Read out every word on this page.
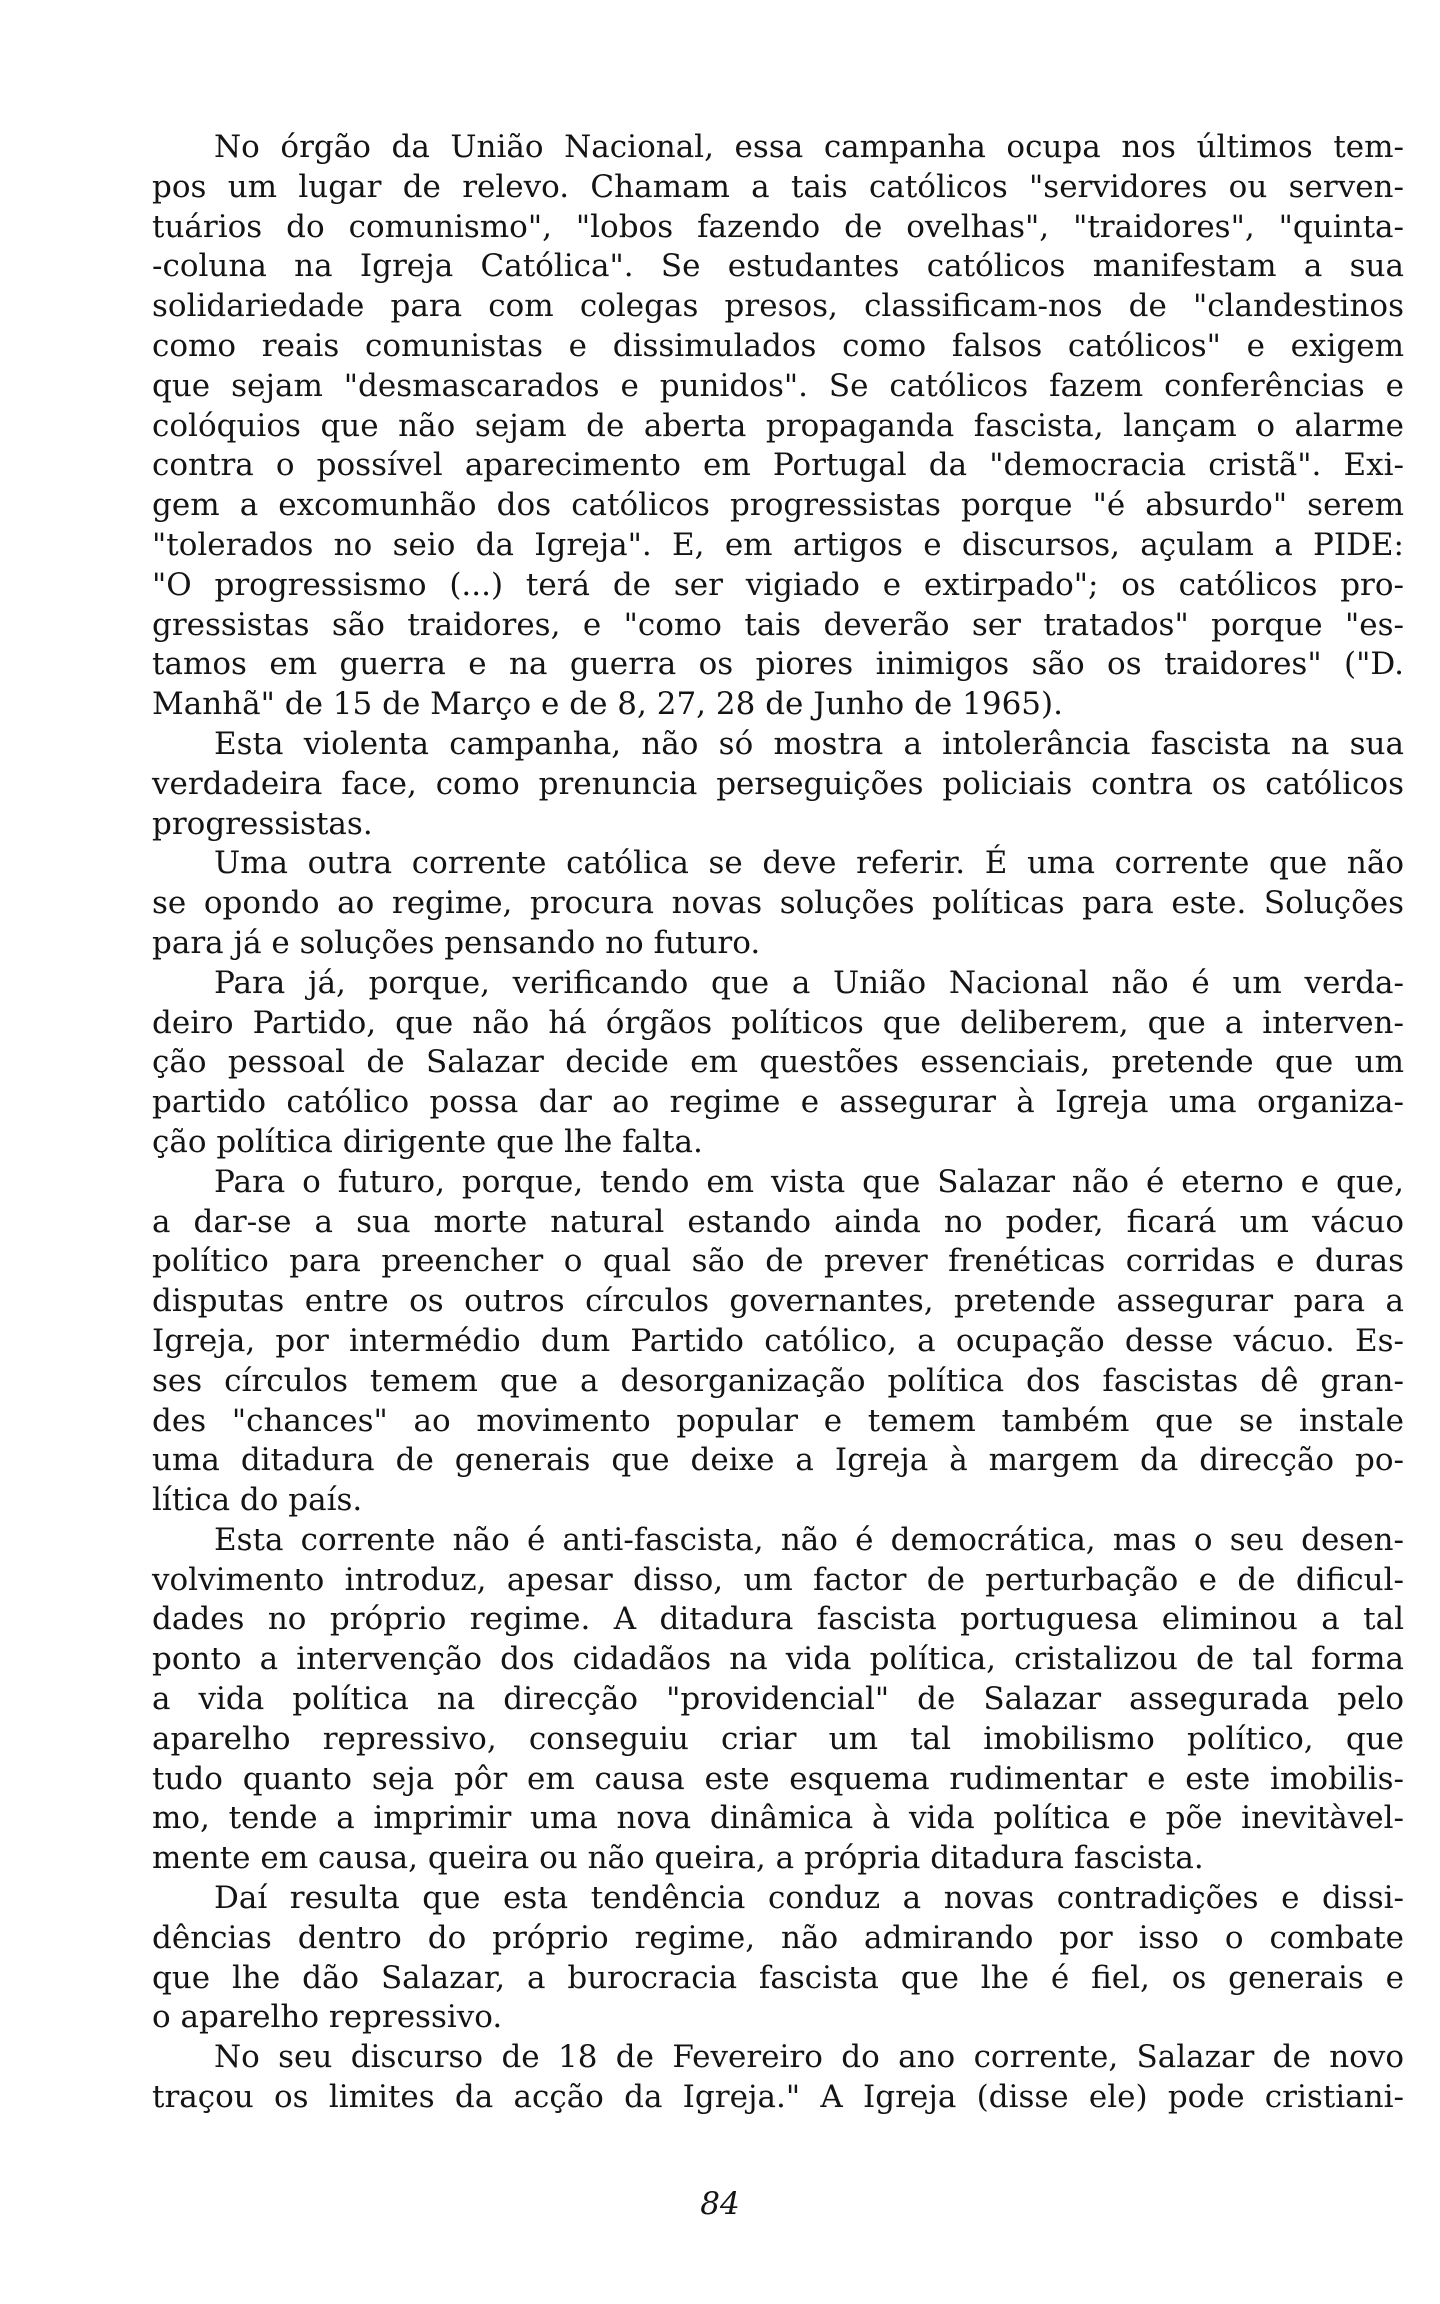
No órgão da União Nacional, essa campanha ocupa nos últimos tem-
pos um lugar de relevo. Chamam a tais católicos "servidores ou serven-
tuários do comunismo", "lobos fazendo de ovelhas", "traidores", "quinta-
-coluna na Igreja Católica". Se estudantes católicos manifestam a sua
solidariedade para com colegas presos, classificam-nos de "clandestinos
como reais comunistas e dissimulados como falsos católicos" e exigem
que sejam "desmascarados e punidos". Se católicos fazem conferências e
colóquios que não sejam de aberta propaganda fascista, lançam o alarme
contra o possível aparecimento em Portugal da "democracia cristã". Exi-
gem a excomunhão dos católicos progressistas porque "é absurdo" serem
"tolerados no seio da Igreja". E, em artigos e discursos, açulam a PIDE:
"O progressismo (...) terá de ser vigiado e extirpado"; os católicos pro-
gressistas são traidores, e "como tais deverão ser tratados" porque "es-
tamos em guerra e na guerra os piores inimigos são os traidores" ("D.
Manhã" de 15 de Março e de 8, 27, 28 de Junho de 1965).
Esta violenta campanha, não só mostra a intolerância fascista na sua
verdadeira face, como prenuncia perseguições policiais contra os católicos
progressistas.
Uma outra corrente católica se deve referir. É uma corrente que não
se opondo ao regime, procura novas soluções políticas para este. Soluções
para já e soluções pensando no futuro.
Para já, porque, verificando que a União Nacional não é um verda-
deiro Partido, que não há órgãos políticos que deliberem, que a interven-
ção pessoal de Salazar decide em questões essenciais, pretende que um
partido católico possa dar ao regime e assegurar à Igreja uma organiza-
ção política dirigente que lhe falta.
Para o futuro, porque, tendo em vista que Salazar não é eterno e que,
a dar-se a sua morte natural estando ainda no poder, ficará um vácuo
político para preencher o qual são de prever frenéticas corridas e duras
disputas entre os outros círculos governantes, pretende assegurar para a
Igreja, por intermédio dum Partido católico, a ocupação desse vácuo. Es-
ses círculos temem que a desorganização política dos fascistas dê gran-
des "chances" ao movimento popular e temem também que se instale
uma ditadura de generais que deixe a Igreja à margem da direcção po-
lítica do país.
Esta corrente não é anti-fascista, não é democrática, mas o seu desen-
volvimento introduz, apesar disso, um factor de perturbação e de dificul-
dades no próprio regime. A ditadura fascista portuguesa eliminou a tal
ponto a intervenção dos cidadãos na vida política, cristalizou de tal forma
a vida política na direcção "providencial" de Salazar assegurada pelo
aparelho repressivo, conseguiu criar um tal imobilismo político, que
tudo quanto seja pôr em causa este esquema rudimentar e este imobilis-
mo, tende a imprimir uma nova dinâmica à vida política e põe inevitàvel-
mente em causa, queira ou não queira, a própria ditadura fascista.
Daí resulta que esta tendência conduz a novas contradições e dissi-
dências dentro do próprio regime, não admirando por isso o combate
que lhe dão Salazar, a burocracia fascista que lhe é fiel, os generais e
o aparelho repressivo.
No seu discurso de 18 de Fevereiro do ano corrente, Salazar de novo
traçou os limites da acção da Igreja." A Igreja (disse ele) pode cristiani-
84
